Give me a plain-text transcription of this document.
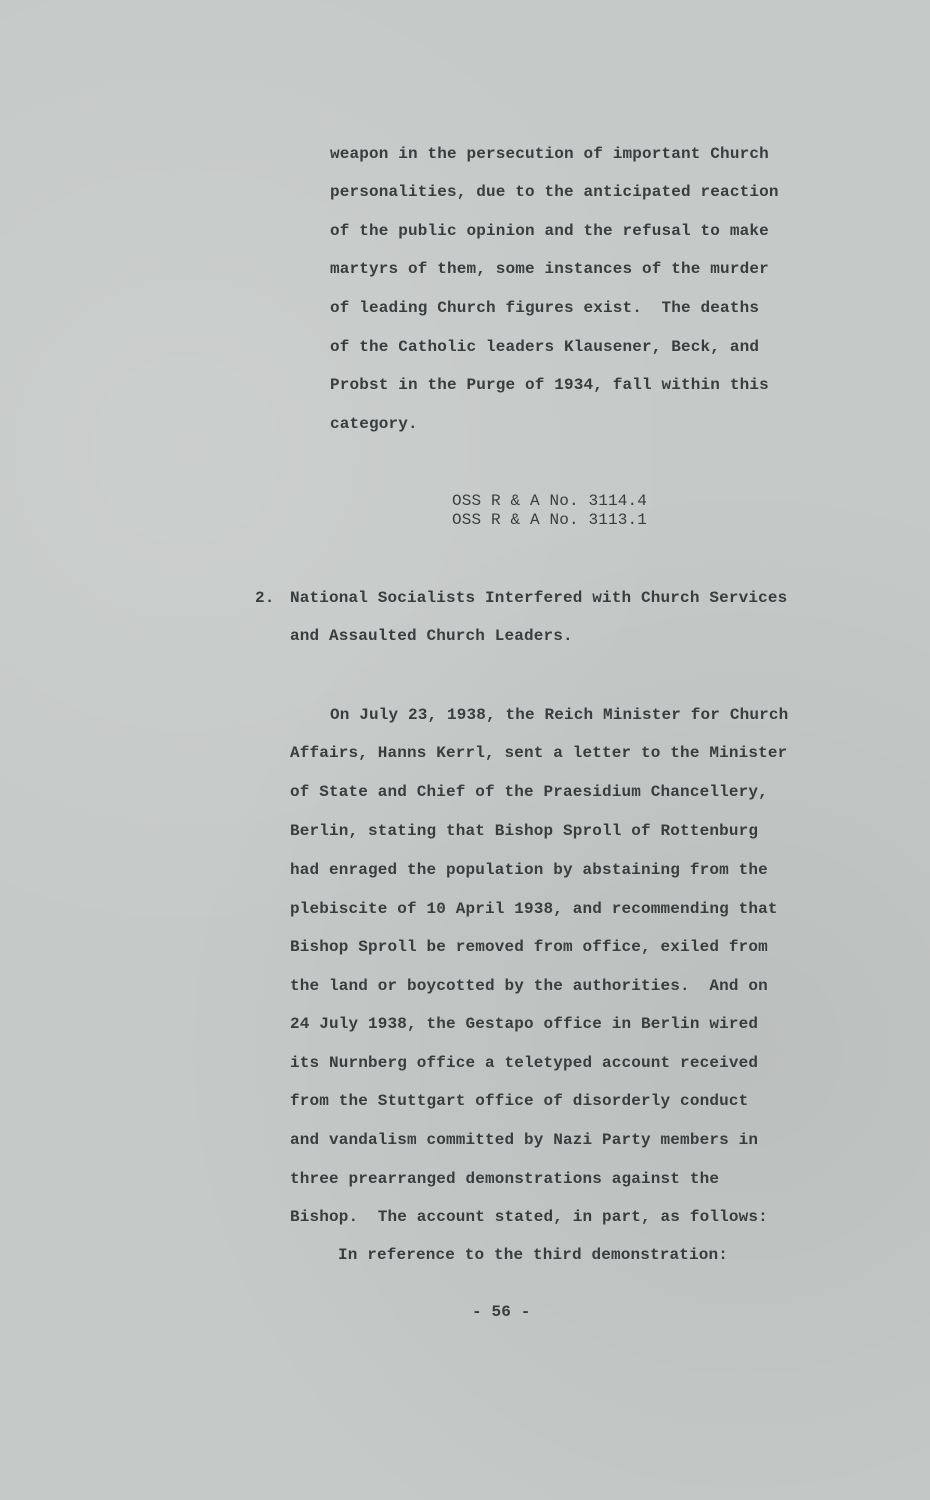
weapon in the persecution of important Church
personalities, due to the anticipated reaction
of the public opinion and the refusal to make
martyrs of them, some instances of the murder
of leading Church figures exist.  The deaths
of the Catholic leaders Klausener, Beck, and
Probst in the Purge of 1934, fall within this
category.
OSS R & A No. 3114.4
OSS R & A No. 3113.1
2. National Socialists Interfered with Church Services
and Assaulted Church Leaders.
On July 23, 1938, the Reich Minister for Church
Affairs, Hanns Kerrl, sent a letter to the Minister
of State and Chief of the Praesidium Chancellery,
Berlin, stating that Bishop Sproll of Rottenburg
had enraged the population by abstaining from the
plebiscite of 10 April 1938, and recommending that
Bishop Sproll be removed from office, exiled from
the land or boycotted by the authorities.  And on
24 July 1938, the Gestapo office in Berlin wired
its Nurnberg office a teletyped account received
from the Stuttgart office of disorderly conduct
and vandalism committed by Nazi Party members in
three prearranged demonstrations against the
Bishop.  The account stated, in part, as follows:
In reference to the third demonstration:
- 56 -
